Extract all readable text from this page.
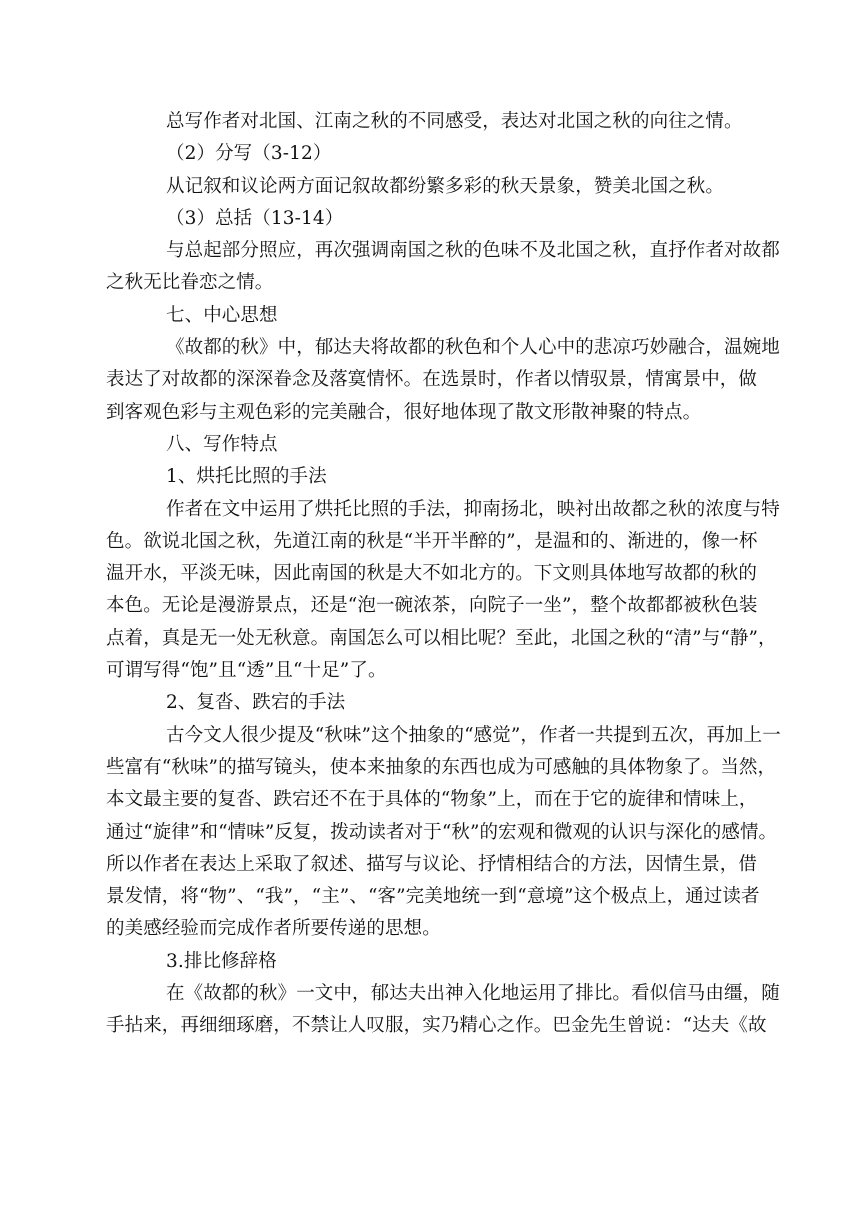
总写作者对北国、江南之秋的不同感受，表达对北国之秋的向往之情。
（2）分写（3-12）
从记叙和议论两方面记叙故都纷繁多彩的秋天景象，赞美北国之秋。
（3）总括（13-14）
与总起部分照应，再次强调南国之秋的色味不及北国之秋，直抒作者对故都
之秋无比眷恋之情。
七、中心思想
《故都的秋》中，郁达夫将故都的秋色和个人心中的悲凉巧妙融合，温婉地
表达了对故都的深深眷念及落寞情怀。在选景时，作者以情驭景，情寓景中，做
到客观色彩与主观色彩的完美融合，很好地体现了散文形散神聚的特点。
八、写作特点
1、烘托比照的手法
作者在文中运用了烘托比照的手法，抑南扬北，映衬出故都之秋的浓度与特
色。欲说北国之秋，先道江南的秋是“半开半醉的”，是温和的、渐进的，像一杯
温开水，平淡无味，因此南国的秋是大不如北方的。下文则具体地写故都的秋的
本色。无论是漫游景点，还是“泡一碗浓茶，向院子一坐”，整个故都都被秋色装
点着，真是无一处无秋意。南国怎么可以相比呢？至此，北国之秋的“清”与“静”，
可谓写得“饱”且“透”且“十足”了。
2、复沓、跌宕的手法
古今文人很少提及“秋味”这个抽象的“感觉”，作者一共提到五次，再加上一
些富有“秋味”的描写镜头，使本来抽象的东西也成为可感触的具体物象了。当然，
本文最主要的复沓、跌宕还不在于具体的“物象”上，而在于它的旋律和情味上，
通过“旋律”和“情味”反复，拨动读者对于“秋”的宏观和微观的认识与深化的感情。
所以作者在表达上采取了叙述、描写与议论、抒情相结合的方法，因情生景，借
景发情，将“物”、“我”，“主”、“客”完美地统一到“意境”这个极点上，通过读者
的美感经验而完成作者所要传递的思想。
3.排比修辞格
在《故都的秋》一文中，郁达夫出神入化地运用了排比。看似信马由缰，随
手拈来，再细细琢磨，不禁让人叹服，实乃精心之作。巴金先生曾说：“达夫《故
